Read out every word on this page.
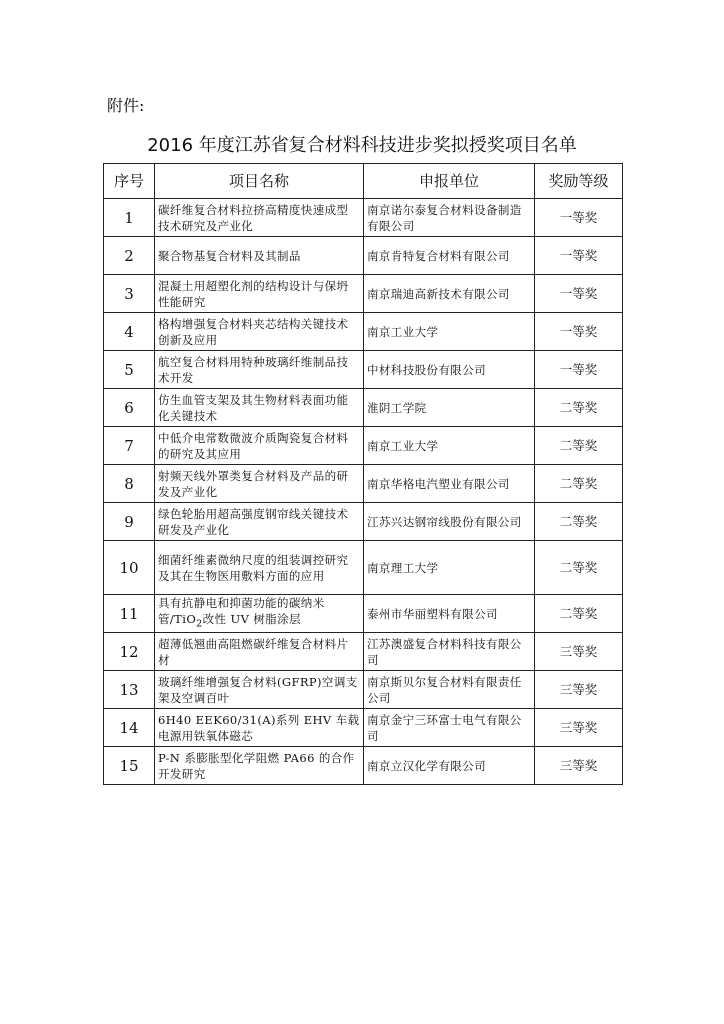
附件:
2016 年度江苏省复合材料科技进步奖拟授奖项目名单
序号	项目名称	申报单位	奖励等级
1	碳纤维复合材料拉挤高精度快速成型技术研究及产业化	南京诺尔泰复合材料设备制造有限公司	一等奖
2	聚合物基复合材料及其制品	南京肯特复合材料有限公司	一等奖
3	混凝土用超塑化剂的结构设计与保坍性能研究	南京瑞迪高新技术有限公司	一等奖
4	格构增强复合材料夹芯结构关键技术创新及应用	南京工业大学	一等奖
5	航空复合材料用特种玻璃纤维制品技术开发	中材科技股份有限公司	一等奖
6	仿生血管支架及其生物材料表面功能化关键技术	淮阴工学院	二等奖
7	中低介电常数微波介质陶瓷复合材料的研究及其应用	南京工业大学	二等奖
8	射频天线外罩类复合材料及产品的研发及产业化	南京华格电汽塑业有限公司	二等奖
9	绿色轮胎用超高强度钢帘线关键技术研发及产业化	江苏兴达钢帘线股份有限公司	二等奖
10	细菌纤维素微纳尺度的组装调控研究及其在生物医用敷料方面的应用	南京理工大学	二等奖
11	具有抗静电和抑菌功能的碳纳米管/TiO$_2$改性 UV 树脂涂层	泰州市华丽塑料有限公司	二等奖
12	超薄低翘曲高阻燃碳纤维复合材料片材	江苏澳盛复合材料科技有限公司	三等奖
13	玻璃纤维增强复合材料(GFRP)空调支架及空调百叶	南京斯贝尔复合材料有限责任公司	三等奖
14	6H40 EEK60/31(A)系列 EHV 车载电源用铁氧体磁芯	南京金宁三环富士电气有限公司	三等奖
15	P-N 系膨胀型化学阻燃 PA66 的合作开发研究	南京立汉化学有限公司	三等奖
